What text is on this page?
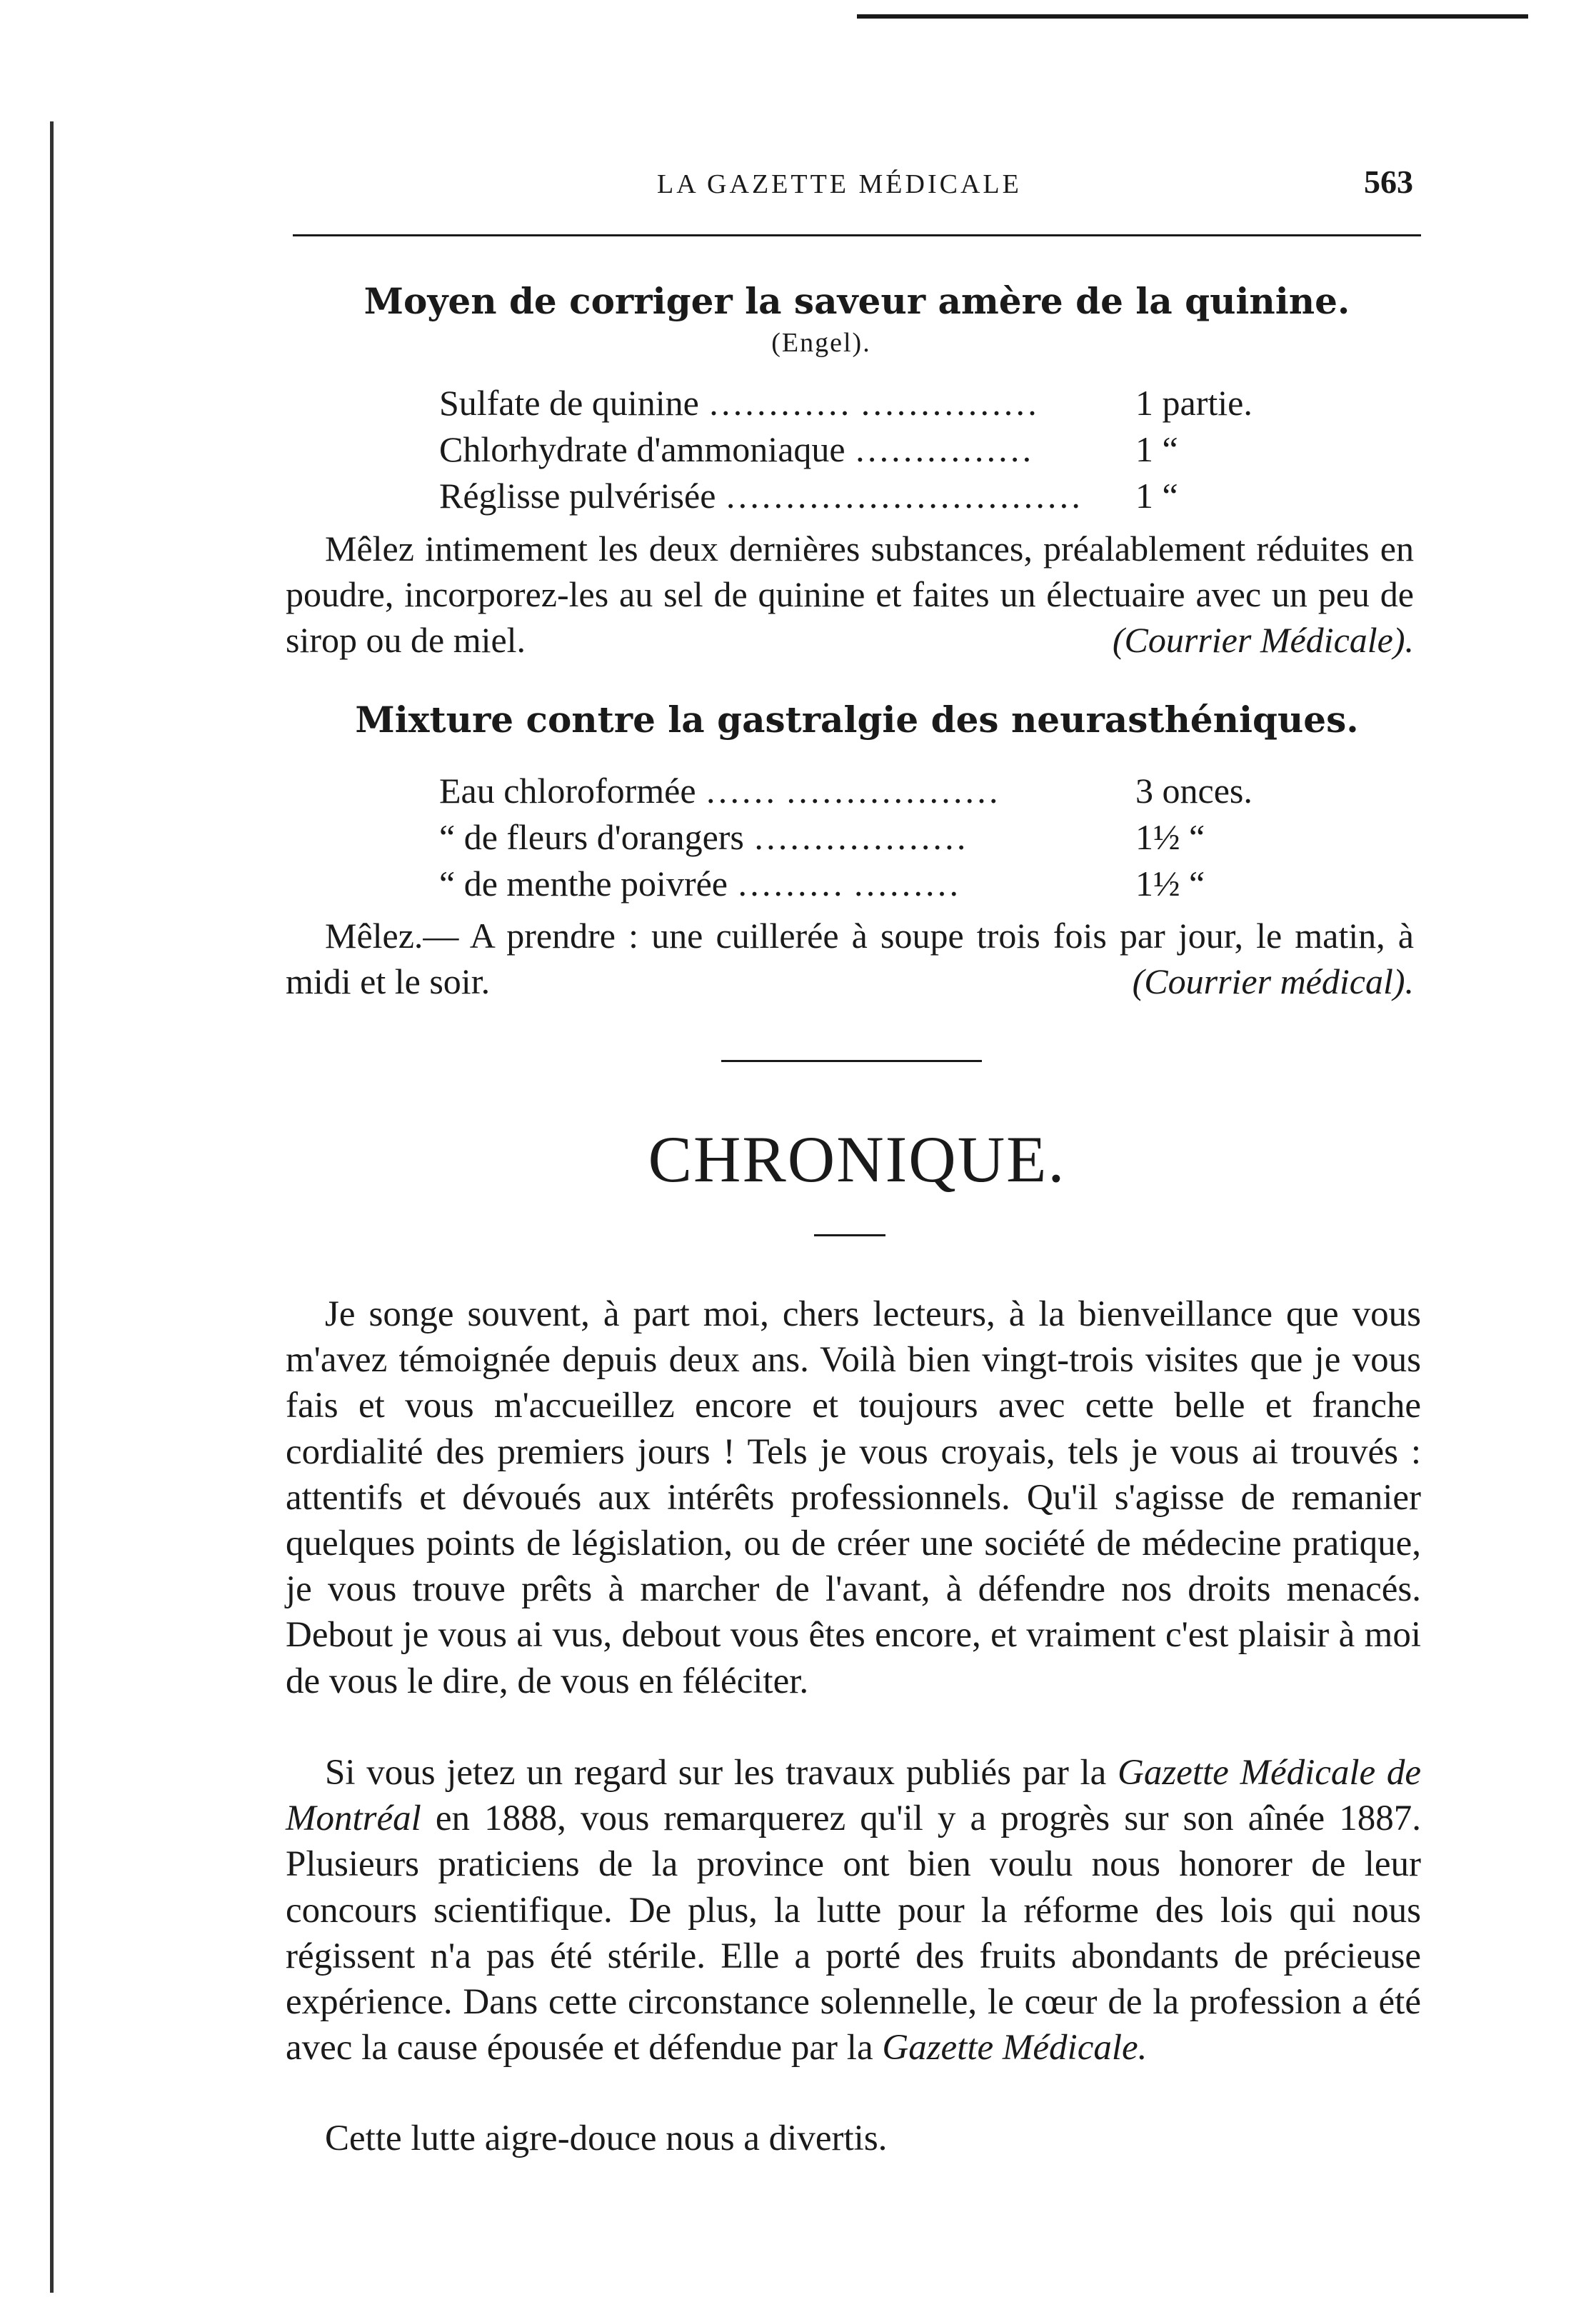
LA GAZETTE MÉDICALE	563
Moyen de corriger la saveur amère de la quinine.
(Engel).
Sulfate de quinine ………… ……………	1 partie.
Chlorhydrate d'ammoniaque ……………	1 “
Réglisse pulvérisée ………………………… 1 “
Mêlez intimement les deux dernières substances, préalablement réduites en poudre, incorporez-les au sel de quinine et faites un électuaire avec un peu de sirop ou de miel.	(Courrier Médicale).
Mixture contre la gastralgie des neurasthéniques.
Eau chloroformée …… ………………	3 onces.
“ de fleurs d'orangers ………………	1½ “
“ de menthe poivrée ……… ………	1½ “
Mêlez.— A prendre : une cuillerée à soupe trois fois par jour, le matin, à midi et le soir.	(Courrier médical).
CHRONIQUE.
Je songe souvent, à part moi, chers lecteurs, à la bienveillance que vous m'avez témoignée depuis deux ans. Voilà bien vingt-trois visites que je vous fais et vous m'accueillez encore et toujours avec cette belle et franche cordialité des premiers jours ! Tels je vous croyais, tels je vous ai trouvés : attentifs et dévoués aux intérêts professionnels. Qu'il s'agisse de remanier quelques points de législation, ou de créer une société de médecine pratique, je vous trouve prêts à marcher de l'avant, à défendre nos droits menacés. Debout je vous ai vus, debout vous êtes encore, et vraiment c'est plaisir à moi de vous le dire, de vous en féléciter.
Si vous jetez un regard sur les travaux publiés par la Gazette Médicale de Montréal en 1888, vous remarquerez qu'il y a progrès sur son aînée 1887. Plusieurs praticiens de la province ont bien voulu nous honorer de leur concours scientifique. De plus, la lutte pour la réforme des lois qui nous régissent n'a pas été stérile. Elle a porté des fruits abondants de précieuse expérience. Dans cette circonstance solennelle, le cœur de la profession a été avec la cause épousée et défendue par la Gazette Médicale.
Cette lutte aigre-douce nous a divertis.
